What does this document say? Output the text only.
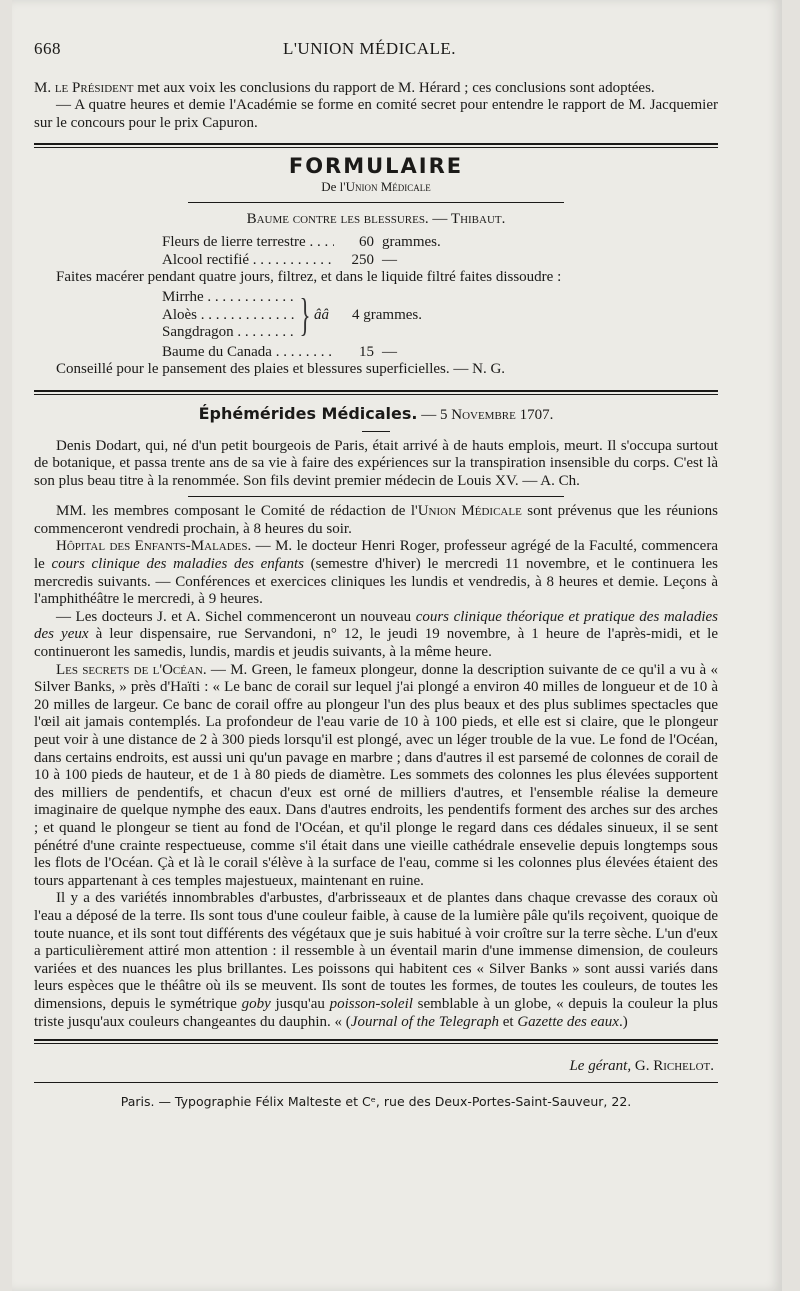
668	L'UNION MÉDICALE.

M. le Président met aux voix les conclusions du rapport de M. Hérard ; ces conclusions sont adoptées.

— A quatre heures et demie l'Académie se forme en comité secret pour entendre le rapport de M. Jacquemier sur le concours pour le prix Capuron.

FORMULAIRE
De l'Union Médicale
Baume contre les blessures. — Thibaut.
Fleurs de lierre terrestre . . .	60 grammes.
Alcool rectifié . . .	250 —

Faites macérer pendant quatre jours, filtrez, et dans le liquide filtré faites dissoudre :

Mirrhe . . .
Aloès . . .
Sangdragon . . .	} ââ	4 grammes.
Baume du Canada . . .	15 —

Conseillé pour le pansement des plaies et blessures superficielles. — N. G.

Éphémérides Médicales. — 5 Novembre 1707.

Denis Dodart, qui, né d'un petit bourgeois de Paris, était arrivé à de hauts emplois, meurt. Il s'occupa surtout de botanique, et passa trente ans de sa vie à faire des expériences sur la transpiration insensible du corps. C'est là son plus beau titre à la renommée. Son fils devint premier médecin de Louis XV. — A. Ch.

MM. les membres composant le Comité de rédaction de l'Union Médicale sont prévenus que les réunions commenceront vendredi prochain, à 8 heures du soir.

Hôpital des Enfants-Malades. — M. le docteur Henri Roger, professeur agrégé de la Faculté, commencera le cours clinique des maladies des enfants (semestre d'hiver) le mercredi 11 novembre, et le continuera les mercredis suivants. — Conférences et exercices cliniques les lundis et vendredis, à 8 heures et demie. Leçons à l'amphithéâtre le mercredi, à 9 heures.

— Les docteurs J. et A. Sichel commenceront un nouveau cours clinique théorique et pratique des maladies des yeux à leur dispensaire, rue Servandoni, n° 12, le jeudi 19 novembre, à 1 heure de l'après-midi, et le continueront les samedis, lundis, mardis et jeudis suivants, à la même heure.

Les secrets de l'Océan. — M. Green, le fameux plongeur, donne la description suivante de ce qu'il a vu à « Silver Banks, » près d'Haïti : « Le banc de corail sur lequel j'ai plongé a environ 40 milles de longueur et de 10 à 20 milles de largeur. Ce banc de corail offre au plongeur l'un des plus beaux et des plus sublimes spectacles que l'œil ait jamais contemplés. La profondeur de l'eau varie de 10 à 100 pieds, et elle est si claire, que le plongeur peut voir à une distance de 2 à 300 pieds lorsqu'il est plongé, avec un léger trouble de la vue. Le fond de l'Océan, dans certains endroits, est aussi uni qu'un pavage en marbre ; dans d'autres il est parsemé de colonnes de corail de 10 à 100 pieds de hauteur, et de 1 à 80 pieds de diamètre. Les sommets des colonnes les plus élevées supportent des milliers de pendentifs, et chacun d'eux est orné de milliers d'autres, et l'ensemble réalise la demeure imaginaire de quelque nymphe des eaux. Dans d'autres endroits, les pendentifs forment des arches sur des arches ; et quand le plongeur se tient au fond de l'Océan, et qu'il plonge le regard dans ces dédales sinueux, il se sent pénétré d'une crainte respectueuse, comme s'il était dans une vieille cathédrale ensevelie depuis longtemps sous les flots de l'Océan. Çà et là le corail s'élève à la surface de l'eau, comme si les colonnes plus élevées étaient des tours appartenant à ces temples majestueux, maintenant en ruine.

Il y a des variétés innombrables d'arbustes, d'arbrisseaux et de plantes dans chaque crevasse des coraux où l'eau a déposé de la terre. Ils sont tous d'une couleur faible, à cause de la lumière pâle qu'ils reçoivent, quoique de toute nuance, et ils sont tout différents des végétaux que je suis habitué à voir croître sur la terre sèche. L'un d'eux a particulièrement attiré mon attention : il ressemble à un éventail marin d'une immense dimension, de couleurs variées et des nuances les plus brillantes. Les poissons qui habitent ces « Silver Banks » sont aussi variés dans leurs espèces que le théâtre où ils se meuvent. Ils sont de toutes les formes, de toutes les couleurs, de toutes les dimensions, depuis le symétrique goby jusqu'au poisson-soleil semblable à un globe, « depuis la couleur la plus triste jusqu'aux couleurs changeantes du dauphin. « (Journal of the Telegraph et Gazette des eaux.)

Le gérant, G. Richelot.
Paris. — Typographie Félix Malteste et Cᵉ, rue des Deux-Portes-Saint-Sauveur, 22.
